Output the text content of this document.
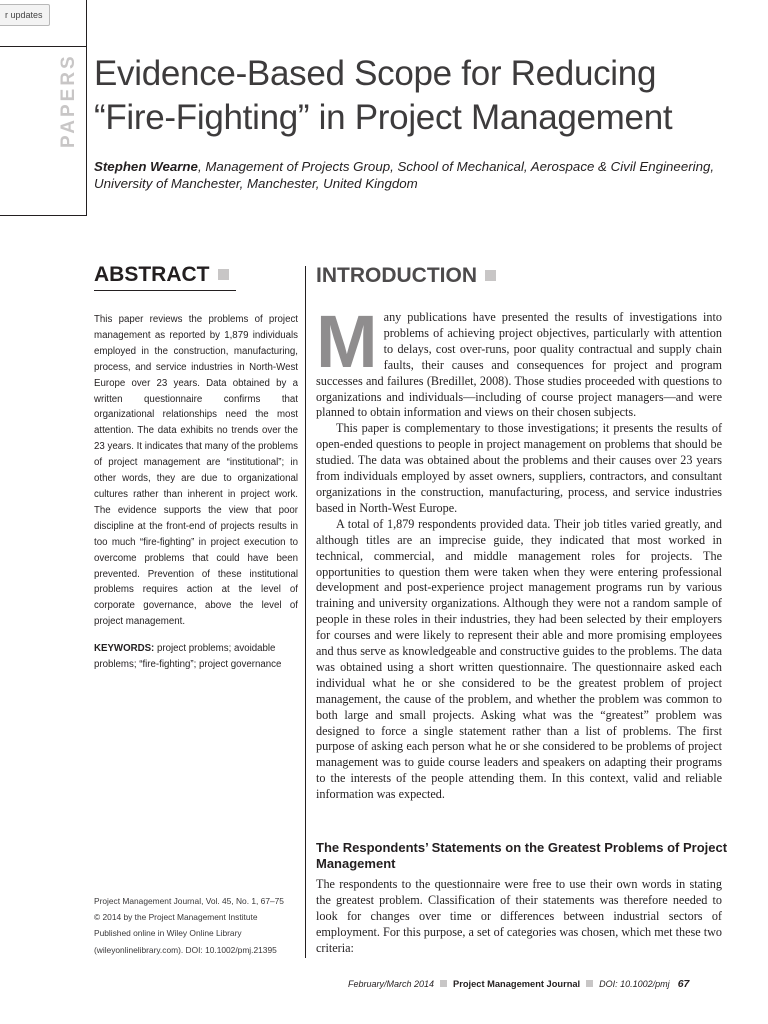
r updates
PAPERS Evidence-Based Scope for Reducing
“Fire-Fighting” in Project Management
Stephen Wearne, Management of Projects Group, School of Mechanical, Aerospace & Civil Engineering, University of Manchester, Manchester, United Kingdom
ABSTRACT	INTRODUCTION
This paper reviews the problems of project management as reported by 1,879 individuals employed in the construction, manufacturing, process, and service industries in North-West Europe over 23 years. Data obtained by a written questionnaire confirms that organizational relationships need the most attention. The data exhibits no trends over the 23 years. It indicates that many of the problems of project management are “institutional”; in other words, they are due to organizational cultures rather than inherent in project work. The evidence supports the view that poor discipline at the front-end of projects results in too much “fire-fighting” in project execution to overcome problems that could have been prevented. Prevention of these institutional problems requires action at the level of corporate governance, above the level of project management.
KEYWORDS: project problems; avoidable problems; “fire-fighting”; project governance
Project Management Journal, Vol. 45, No. 1, 67–75
© 2014 by the Project Management Institute
Published online in Wiley Online Library
(wileyonlinelibrary.com). DOI: 10.1002/pmj.21395

Many publications have presented the results of investigations into problems of achieving project objectives, particularly with attention to delays, cost over-runs, poor quality contractual and supply chain faults, their causes and consequences for project and program successes and failures (Bredillet, 2008). Those studies proceeded with questions to organizations and individuals—including of course project managers—and were planned to obtain information and views on their chosen subjects.

This paper is complementary to those investigations; it presents the results of open-ended questions to people in project management on problems that should be studied. The data was obtained about the problems and their causes over 23 years from individuals employed by asset owners, suppliers, contractors, and consultant organizations in the construction, manufacturing, process, and service industries based in North-West Europe.

A total of 1,879 respondents provided data. Their job titles varied greatly, and although titles are an imprecise guide, they indicated that most worked in technical, commercial, and middle management roles for projects. The opportunities to question them were taken when they were entering professional development and post-experience project management programs run by various training and university organizations. Although they were not a random sample of people in these roles in their industries, they had been selected by their employers for courses and were likely to represent their able and more promising employees and thus serve as knowledgeable and constructive guides to the problems. The data was obtained using a short written questionnaire. The questionnaire asked each individual what he or she considered to be the greatest problem of project management, the cause of the problem, and whether the problem was common to both large and small projects. Asking what was the “greatest” problem was designed to force a single statement rather than a list of problems. The first purpose of asking each person what he or she considered to be problems of project management was to guide course leaders and speakers on adapting their programs to the interests of the people attending them. In this context, valid and reliable information was expected.

The Respondents’ Statements on the Greatest Problems of Project Management
The respondents to the questionnaire were free to use their own words in stating the greatest problem. Classification of their statements was therefore needed to look for changes over time or differences between industrial sectors of employment. For this purpose, a set of categories was chosen, which met these two criteria:
February/March 2014 Project Management Journal DOI: 10.1002/pmj 67
